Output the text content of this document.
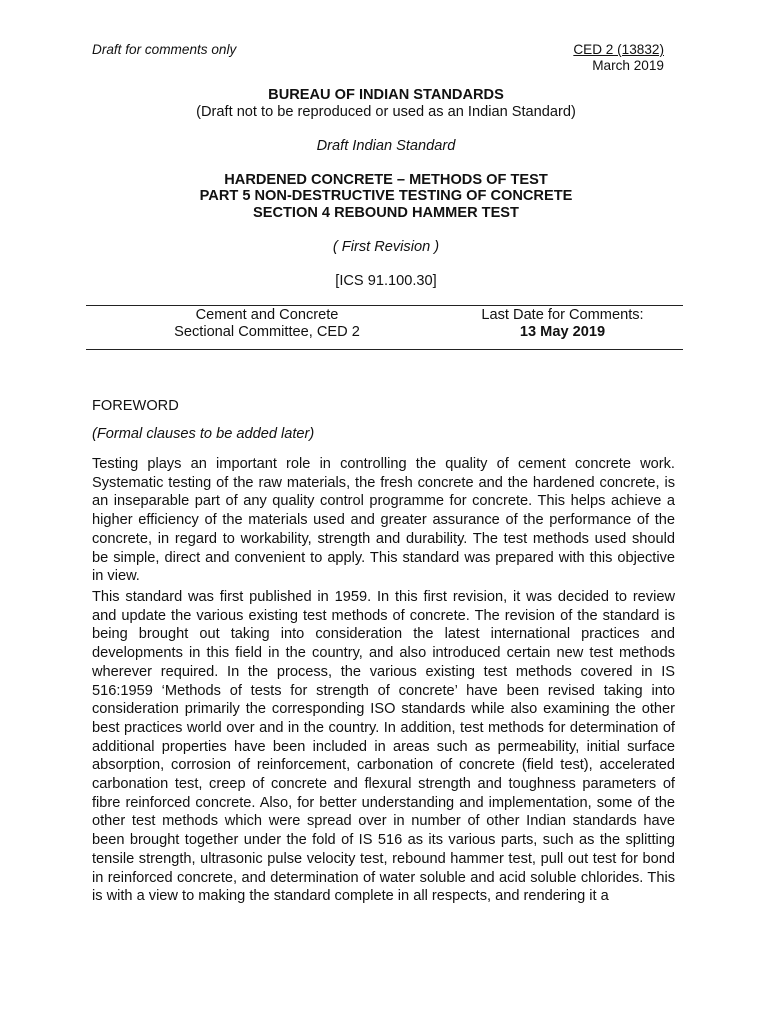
Draft for comments only	CED 2 (13832)
March 2019
BUREAU OF INDIAN STANDARDS
(Draft not to be reproduced or used as an Indian Standard)
Draft Indian Standard
HARDENED CONCRETE – METHODS OF TEST
PART 5 NON-DESTRUCTIVE TESTING OF CONCRETE
SECTION 4 REBOUND HAMMER TEST
( First Revision )
[ICS 91.100.30]
Cement and Concrete
Sectional Committee, CED 2
Last Date for Comments:
13 May 2019
FOREWORD
(Formal clauses to be added later)

Testing plays an important role in controlling the quality of cement concrete work. Systematic testing of the raw materials, the fresh concrete and the hardened concrete, is an inseparable part of any quality control programme for concrete. This helps achieve a higher efficiency of the materials used and greater assurance of the performance of the concrete, in regard to workability, strength and durability. The test methods used should be simple, direct and convenient to apply. This standard was prepared with this objective in view.

This standard was first published in 1959. In this first revision, it was decided to review and update the various existing test methods of concrete. The revision of the standard is being brought out taking into consideration the latest international practices and developments in this field in the country, and also introduced certain new test methods wherever required. In the process, the various existing test methods covered in IS 516:1959 ‘Methods of tests for strength of concrete’ have been revised taking into consideration primarily the corresponding ISO standards while also examining the other best practices world over and in the country. In addition, test methods for determination of additional properties have been included in areas such as permeability, initial surface absorption, corrosion of reinforcement, carbonation of concrete (field test), accelerated carbonation test, creep of concrete and flexural strength and toughness parameters of fibre reinforced concrete. Also, for better understanding and implementation, some of the other test methods which were spread over in number of other Indian standards have been brought together under the fold of IS 516 as its various parts, such as the splitting tensile strength, ultrasonic pulse velocity test, rebound hammer test, pull out test for bond in reinforced concrete, and determination of water soluble and acid soluble chlorides. This is with a view to making the standard complete in all respects, and rendering it a
